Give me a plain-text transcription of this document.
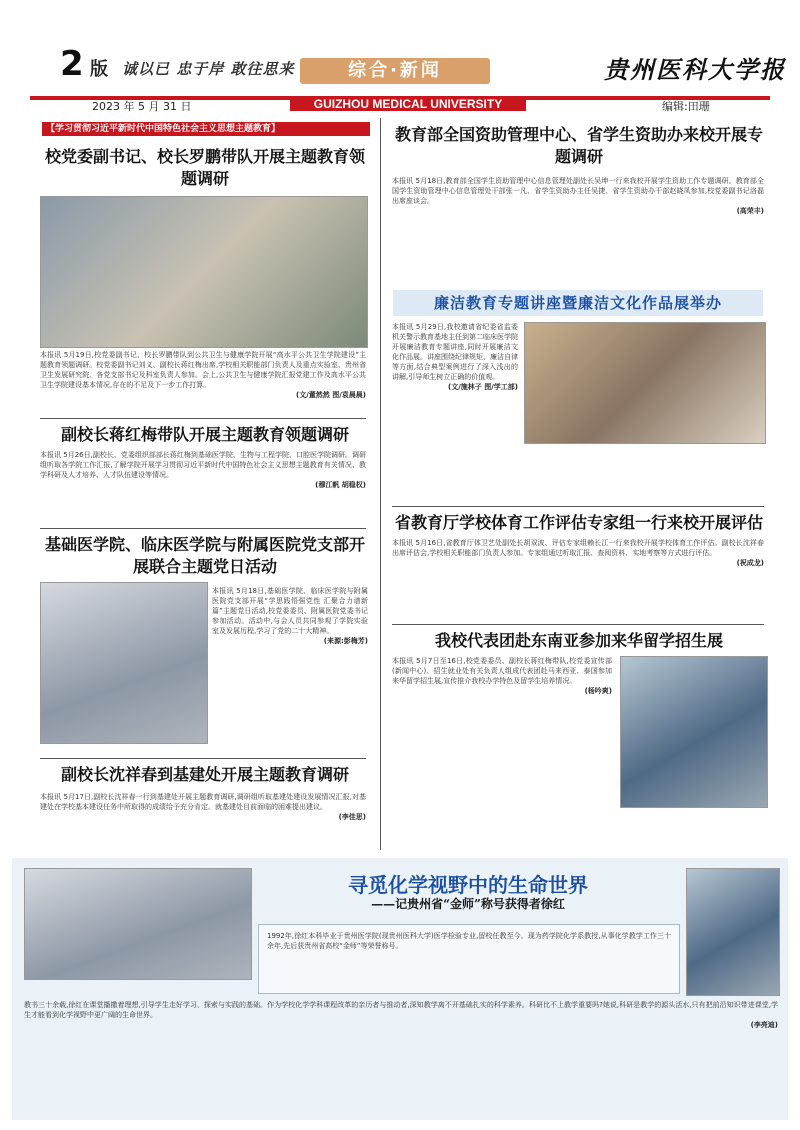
2 版 诚以已 忠于岸 敢往思来	综合·新闻	贵州医科大学报
2023 年 5 月 31 日	GUIZHOU MEDICAL UNIVERSITY	编辑:田珊
【学习贯彻习近平新时代中国特色社会主义思想主题教育】

校党委副书记、校长罗鹏带队开展主题教育领题调研

本报讯 5月19日,校党委副书记、校长罗鹏带队到公共卫生与健康学院开展“高水平公共卫生学院建设”主题教育领题调研。校党委副书记刘义、副校长蒋红梅出席,学校相关职能部门负责人及重点实验室、贵州省卫生发展研究院、各党支部书记及科室负责人参加。会上,公共卫生与健康学院汇报党建工作及高水平公共卫生学院建设基本情况,存在的不足及下一步工作打算。

(文/董然然 图/袁晨晨)

副校长蒋红梅带队开展主题教育领题调研

本报讯 5月26日,副校长、党委组织部部长蒋红梅到基础医学院、生物与工程学院、口腔医学院调研。调研组听取各学院工作汇报,了解学院开展学习贯彻习近平新时代中国特色社会主义思想主题教育有关情况、教学科研及人才培养、人才队伍建设等情况。

(穆江帆 胡稳权)

基础医学院、临床医学院与附属医院党支部开展联合主题党日活动

本报讯 5月18日,基础医学院、临床医学院与附属医院党支部开展“学思践悟强党性 汇聚合力谱新篇”主题党日活动,校党委委员、附属医院党委书记参加活动。活动中,与会人员共同参观了学院实验室及发展历程,学习了党的二十大精神。

(来源:彭梅芳)

副校长沈祥春到基建处开展主题教育调研

本报讯 5月17日,副校长沈祥春一行到基建处开展主题教育调研,调研组听取基建处建设发展情况汇报,对基建处在学校基本建设任务中所取得的成绩给予充分肯定。就基建处目前面临的困难提出建议。

(李佳思)

教育部全国资助管理中心、省学生资助办来校开展专题调研

本报讯 5月18日,教育部全国学生资助管理中心信息管理处副处长吴坤一行来我校开展学生资助工作专题调研。教育部全国学生资助管理中心信息管理处干部张一凡、省学生资助办主任吴捷、省学生资助办干部赵晓凤参加,校党委副书记洛磊出席座谈会。

(高荣丰)
廉洁教育专题讲座暨廉洁文化作品展举办

本报讯 5月29日,我校邀请省纪委省监委机关警示教育基地主任到第二临床医学院开展廉洁教育专题讲座,同时开展廉洁文化作品展。讲座围绕纪律规矩、廉洁自律等方面,结合典型案例进行了深入浅出的讲解,引导师生树立正确的价值观。

(文/施林子 图/学工部)

省教育厅学校体育工作评估专家组一行来校开展评估

本报讯 5月16日,省教育厅体卫艺处副处长胡双波、评估专家组赖长江一行来我校开展学校体育工作评估。副校长沈祥春出席评估会,学校相关职能部门负责人参加。专家组通过听取汇报、查阅资料、实地考察等方式进行评估。

(祝成龙)

我校代表团赴东南亚参加来华留学招生展

本报讯 5月7日至16日,校党委委员、副校长蒋红梅带队,校党委宣传部(新闻中心)、招生就业处有关负责人组成代表团赴马来西亚、泰国参加来华留学招生展,宣传推介我校办学特色及留学生培养情况。

(杨吟爽)

寻觅化学视野中的生命世界

——记贵州省“金师”称号获得者徐红

1992年,徐红本科毕业于贵州医学院(现贵州医科大学)医学检验专业,留校任教至今。现为药学院化学系教授,从事化学教学工作三十余年,先后获贵州省高校“金师”等荣誉称号。

教书三十余载,徐红在课堂播撒着理想,引导学生走好学习、探索与实践的基础。作为学校化学学科课程改革的亲历者与推动者,深知教学离不开基础扎实的科学素养。科研比不上教学重要吗?她说,科研是教学的源头活水,只有把前沿知识带进课堂,学生才能看到化学视野中更广阔的生命世界。

(李亮迪)
